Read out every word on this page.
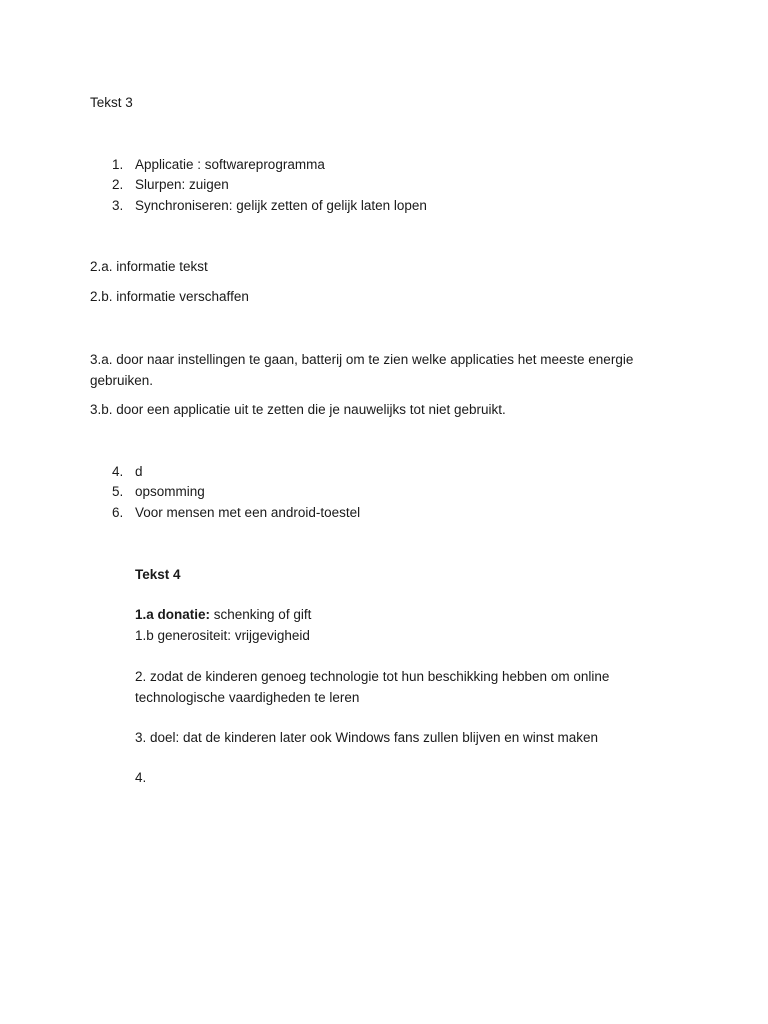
Tekst 3
1. Applicatie : softwareprogramma
2. Slurpen: zuigen
3. Synchroniseren: gelijk zetten of gelijk laten lopen
2.a. informatie tekst
2.b. informatie verschaffen
3.a. door naar instellingen te gaan, batterij om te zien welke applicaties het meeste energie gebruiken.
3.b. door een applicatie uit te zetten die je nauwelijks tot niet gebruikt.
4. d
5. opsomming
6. Voor mensen met een android-toestel
Tekst 4
1.a donatie: schenking of gift
1.b generositeit: vrijgevigheid
2. zodat de kinderen genoeg technologie tot hun beschikking hebben om online technologische vaardigheden te leren
3. doel: dat de kinderen later ook Windows fans zullen blijven en winst maken
4.
